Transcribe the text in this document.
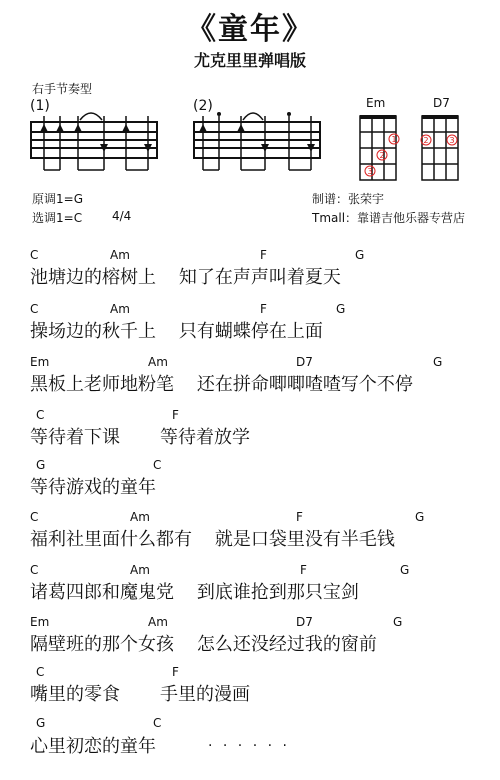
《童年》
尤克里里弹唱版
右手节奏型
(1)	(2)	Em
1
2
3
D7
2	3
原调1=G
选调1=C 4/4
制谱：张荣宇
Tmall：靠谱吉他乐器专营店
C	Am	F	G
池塘边的榕树上    知了在声声叫着夏天
C	Am	F	G
操场边的秋千上    只有蝴蝶停在上面
Em	Am	D7	G
黑板上老师地粉笔    还在拼命唧唧喳喳写个不停
C	F
等待着下课       等待着放学
G	C
等待游戏的童年
C	Am	F	G
福利社里面什么都有    就是口袋里没有半毛钱
C	Am	F	G
诸葛四郎和魔鬼党    到底谁抢到那只宝剑
Em	Am	D7	G
隔壁班的那个女孩    怎么还没经过我的窗前
C	F
嘴里的零食       手里的漫画
G	C
心里初恋的童年	· · · · · ·
